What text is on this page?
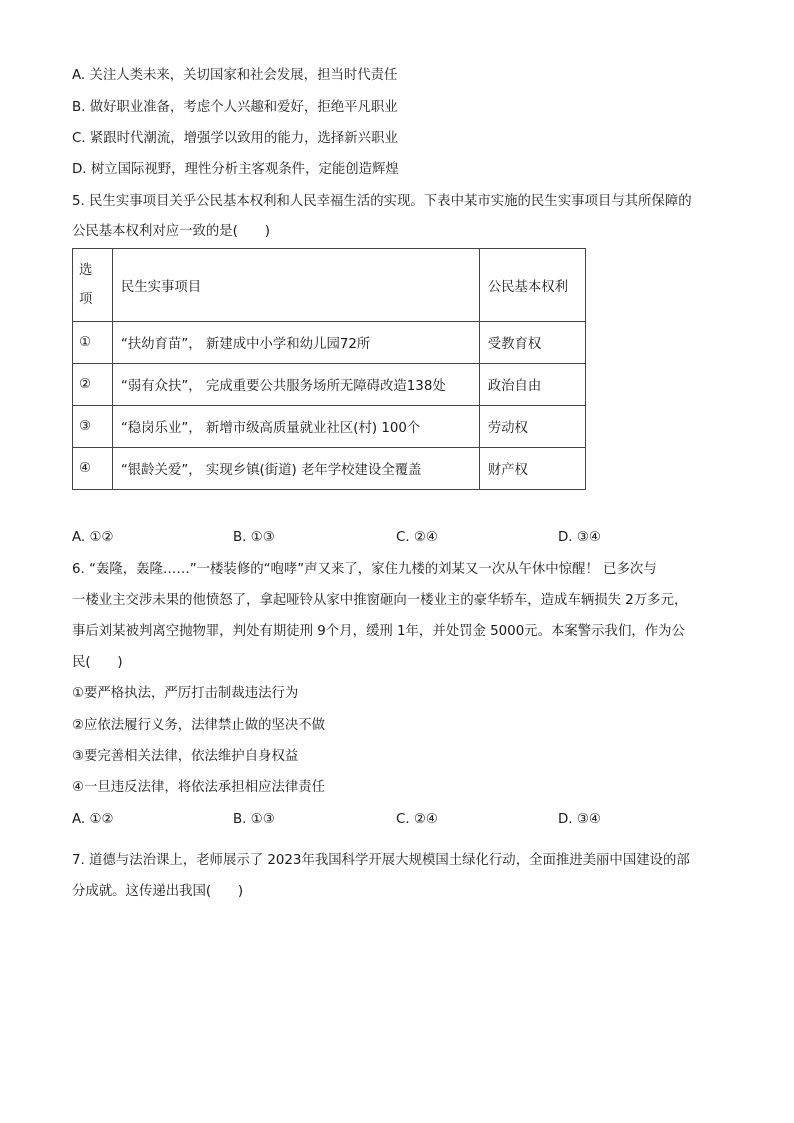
A. 关注人类未来，关切国家和社会发展，担当时代责任
B. 做好职业准备，考虑个人兴趣和爱好，拒绝平凡职业
C. 紧跟时代潮流，增强学以致用的能力，选择新兴职业
D. 树立国际视野，理性分析主客观条件，定能创造辉煌
5. 民生实事项目关乎公民基本权利和人民幸福生活的实现。下表中某市实施的民生实事项目与其所保障的
公民基本权利对应一致的是(　　)
选
项	民生实事项目	公民基本权利
①	“扶幼育苗”， 新建成中小学和幼儿园72所	受教育权
②	“弱有众扶”， 完成重要公共服务场所无障碍改造138处	政治自由
③	“稳岗乐业”， 新增市级高质量就业社区(村) 100个	劳动权
④	“银龄关爱”， 实现乡镇(街道) 老年学校建设全覆盖	财产权
A. ①②	B. ①③	C. ②④	D. ③④
6. “轰隆，轰隆……”一楼装修的“咆哮”声又来了，家住九楼的刘某又一次从午休中惊醒！ 已多次与
一楼业主交涉未果的他愤怒了，拿起哑铃从家中推窗砸向一楼业主的豪华轿车，造成车辆损失 2万多元，
事后刘某被判离空抛物罪，判处有期徒刑 9个月，缓刑 1年，并处罚金 5000元。本案警示我们，作为公
民(　　)
①要严格执法，严厉打击制裁违法行为
②应依法履行义务，法律禁止做的坚决不做
③要完善相关法律，依法维护自身权益
④一旦违反法律，将依法承担相应法律责任
A. ①②	B. ①③	C. ②④	D. ③④
7. 道德与法治课上，老师展示了 2023年我国科学开展大规模国土绿化行动，全面推进美丽中国建设的部
分成就。这传递出我国(　　)
